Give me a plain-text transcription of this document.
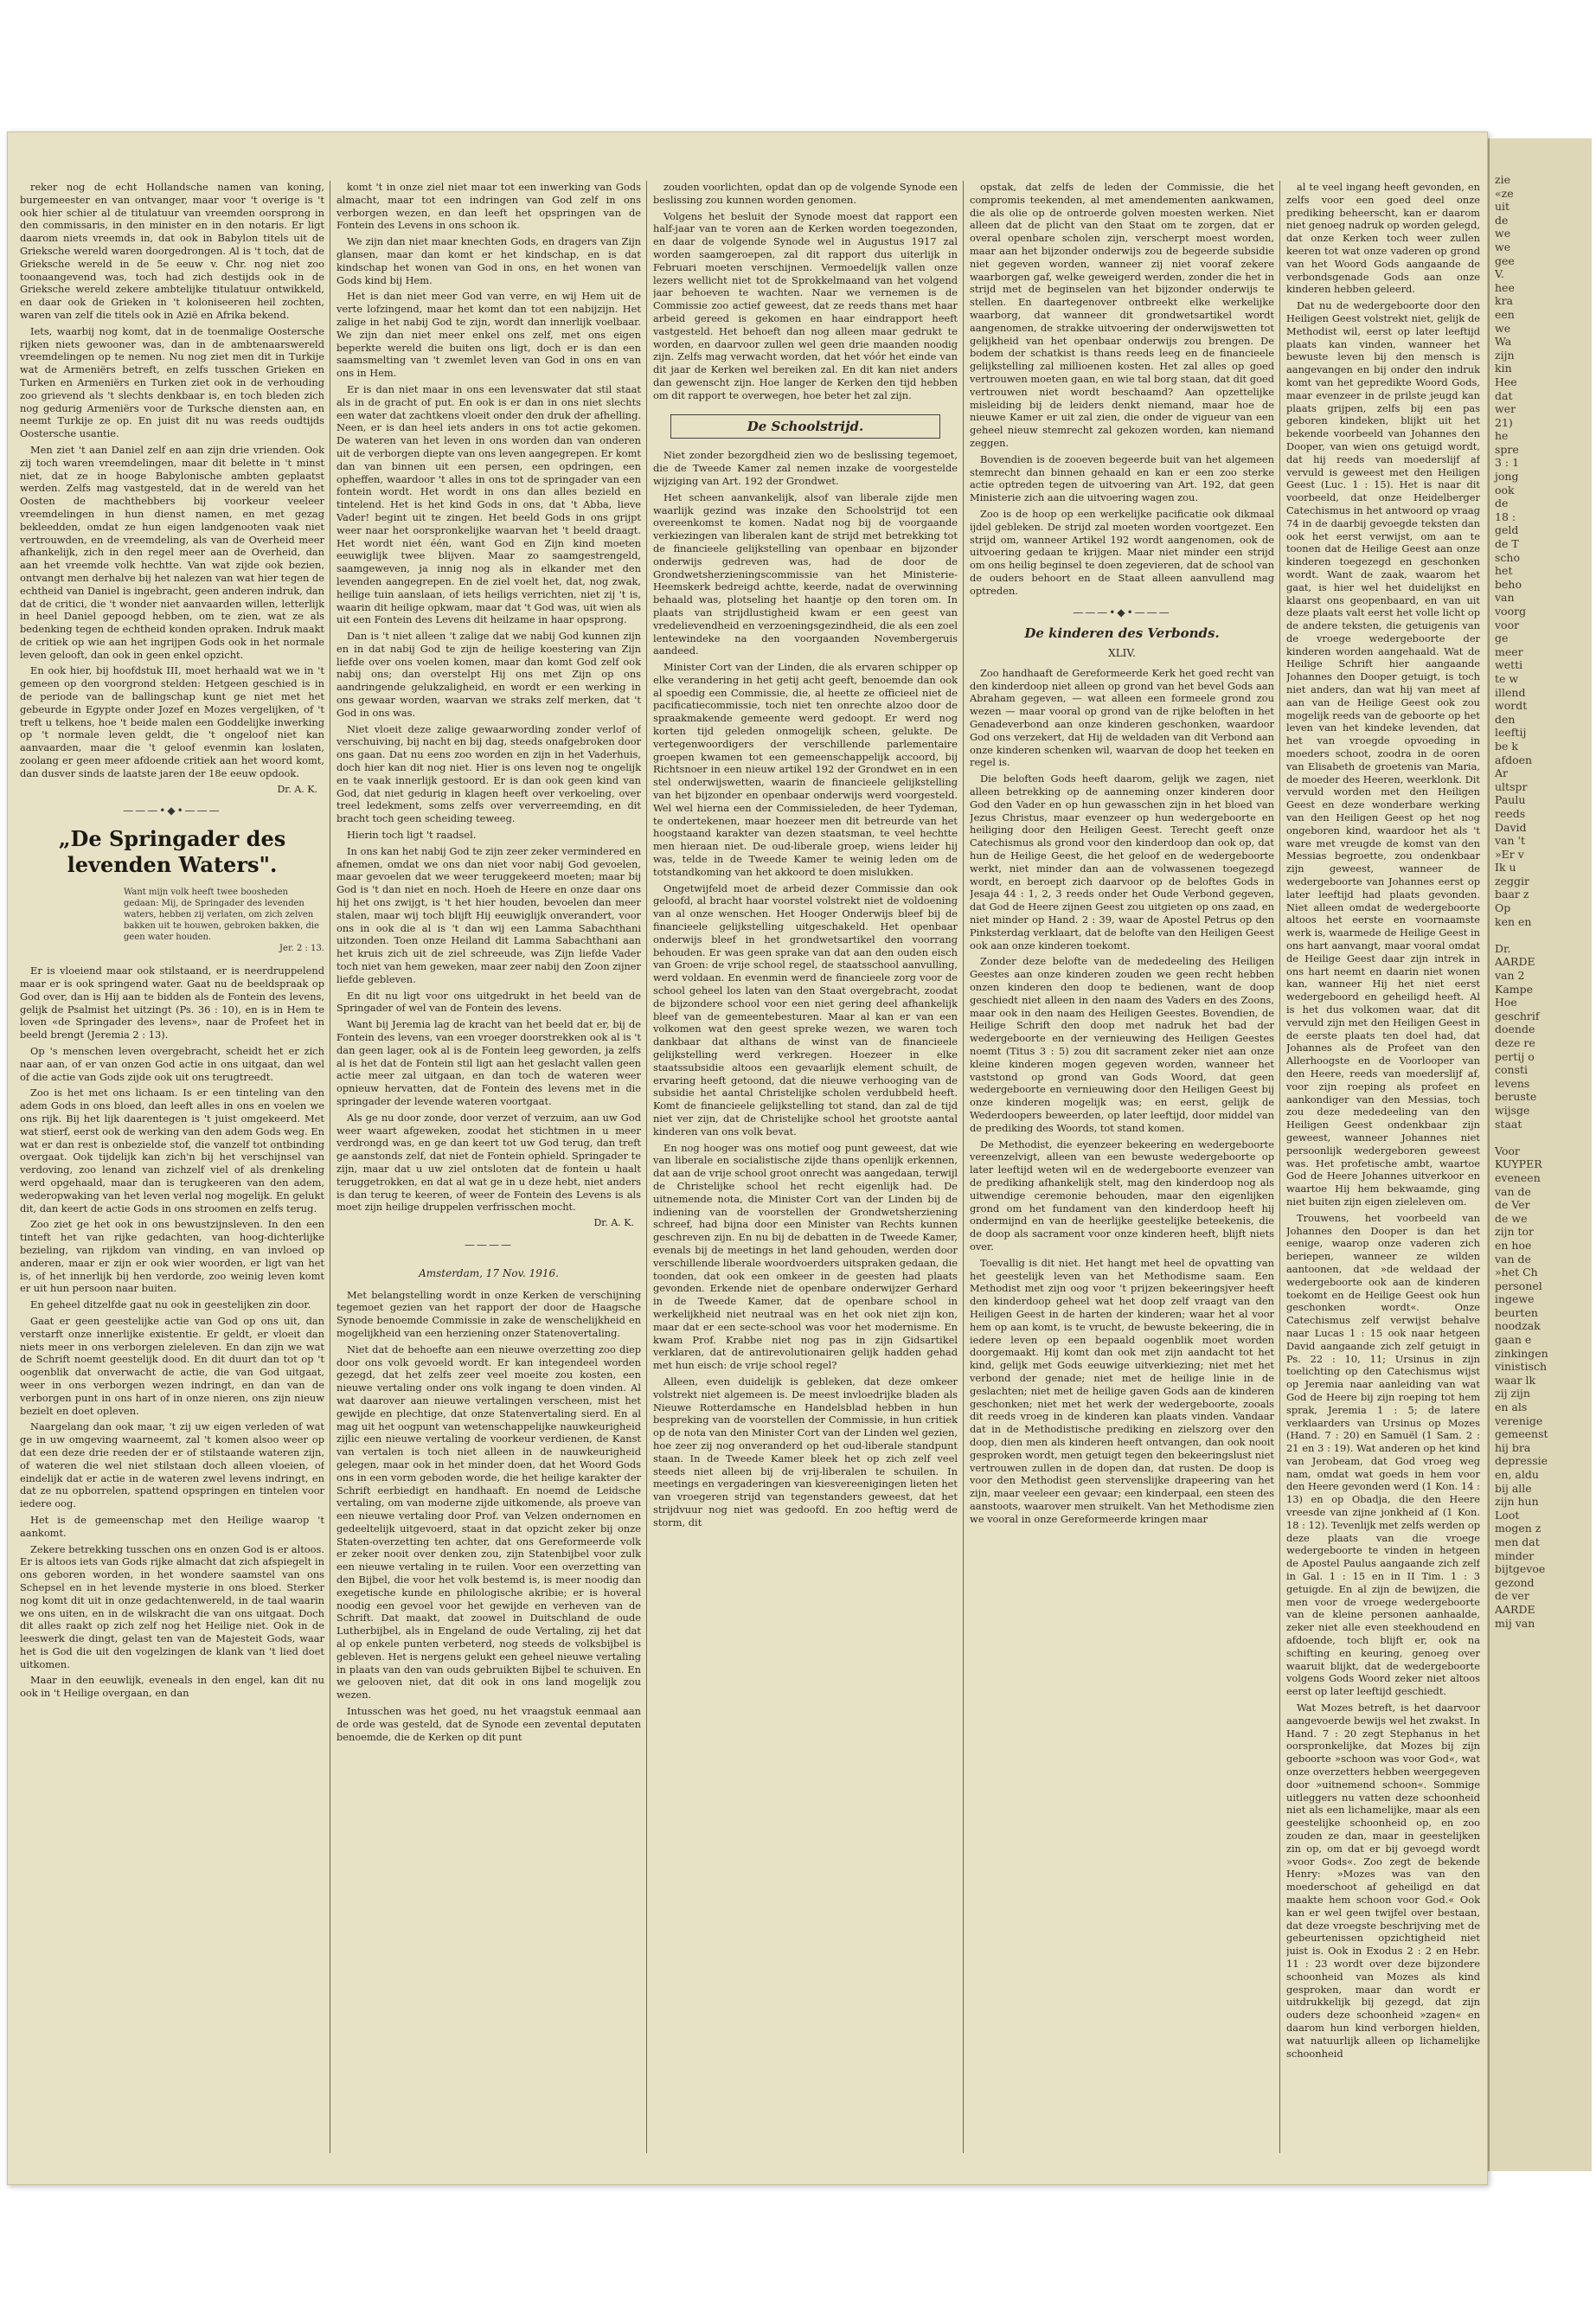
reker nog de echt Hollandsche namen van koning, burgemeester en van ontvanger, maar voor 't overige is 't ook hier schier al de titulatuur van vreemden oorsprong in den commissaris, in den minister en in den notaris. Er ligt daarom niets vreemds in, dat ook in Babylon titels uit de Grieksche wereld waren doorgedrongen. Al is 't toch, dat de Grieksche wereld in de 5e eeuw v. Chr. nog niet zoo toonaangevend was, toch had zich destijds ook in de Grieksche wereld zekere ambtelijke titulatuur ontwikkeld, en daar ook de Grieken in 't koloniseeren heil zochten, waren van zelf die titels ook in Azië en Afrika bekend.

Iets, waarbij nog komt, dat in de toenmalige Oostersche rijken niets gewooner was, dan in de ambtenaarswereld vreemdelingen op te nemen. Nu nog ziet men dit in Turkije wat de Armeniërs betreft, en zelfs tusschen Grieken en Turken en Armeniërs en Turken ziet ook in de verhouding zoo grievend als 't slechts denkbaar is, en toch bleden zich nog gedurig Armeniërs voor de Turksche diensten aan, en neemt Turkije ze op. En juist dit nu was reeds oudtijds Oostersche usantie.

Men ziet 't aan Daniel zelf en aan zijn drie vrienden. Ook zij toch waren vreemdelingen, maar dit belette in 't minst niet, dat ze in hooge Babylonische ambten geplaatst werden. Zelfs mag vastgesteld, dat in de wereld van het Oosten de machthebbers bij voorkeur veeleer vreemdelingen in hun dienst namen, en met gezag bekleedden, omdat ze hun eigen landgenooten vaak niet vertrouwden, en de vreemdeling, als van de Overheid meer afhankelijk, zich in den regel meer aan de Overheid, dan aan het vreemde volk hechtte. Van wat zijde ook bezien, ontvangt men derhalve bij het nalezen van wat hier tegen de echtheid van Daniel is ingebracht, geen anderen indruk, dan dat de critici, die 't wonder niet aanvaarden willen, letterlijk in heel Daniel gepoogd hebben, om te zien, wat ze als bedenking tegen de echtheid konden opraken. Indruk maakt de critiek op wie aan het ingrijpen Gods ook in het normale leven gelooft, dan ook in geen enkel opzicht.

En ook hier, bij hoofdstuk III, moet herhaald wat we in 't gemeen op den voorgrond stelden: Hetgeen geschied is in de periode van de ballingschap kunt ge niet met het gebeurde in Egypte onder Jozef en Mozes vergelijken, of 't treft u telkens, hoe 't beide malen een Goddelijke inwerking op 't normale leven geldt, die 't ongeloof niet kan aanvaarden, maar die 't geloof evenmin kan loslaten, zoolang er geen meer afdoende critiek aan het woord komt, dan dusver sinds de laatste jaren der 18e eeuw opdook.

Dr. A. K.
———•◆•———
„De Springader des levenden Waters".
Want mijn volk heeft twee boosheden gedaan: Mij, de Springader des levenden waters, hebben zij verlaten, om zich zelven bakken uit te houwen, gebroken bakken, die geen water houden.
Jer. 2 : 13.

Er is vloeiend maar ook stilstaand, er is neerdruppelend maar er is ook springend water. Gaat nu de beeldspraak op God over, dan is Hij aan te bidden als de Fontein des levens, gelijk de Psalmist het uitzingt (Ps. 36 : 10), en is in Hem te loven «de Springader des levens», naar de Profeet het in beeld brengt (Jeremia 2 : 13).

Op 's menschen leven overgebracht, scheidt het er zich naar aan, of er van onzen God actie in ons uitgaat, dan wel of die actie van Gods zijde ook uit ons terugtreedt.

Zoo is het met ons lichaam. Is er een tinteling van den adem Gods in ons bloed, dan leeft alles in ons en voelen we ons rijk. Bij het lijk daarentegen is 't juist omgekeerd. Met wat stierf, eerst ook de werking van den adem Gods weg. En wat er dan rest is onbezielde stof, die vanzelf tot ontbinding overgaat. Ook tijdelijk kan zich'n bij het verschijnsel van verdoving, zoo lenand van zichzelf viel of als drenkeling werd opgehaald, maar dan is terugkeeren van den adem, wederopwaking van het leven verlal nog mogelijk. En gelukt dit, dan keert de actie Gods in ons stroomen en zelfs terug.

Zoo ziet ge het ook in ons bewustzijnsleven. In den een tinteft het van rijke gedachten, van hoog-dichterlijke bezieling, van rijkdom van vinding, en van invloed op anderen, maar er zijn er ook wier woorden, er ligt van het is, of het innerlijk bij hen verdorde, zoo weinig leven komt er uit hun persoon naar buiten.

En geheel ditzelfde gaat nu ook in geestelijken zin door.

Gaat er geen geestelijke actie van God op ons uit, dan verstarft onze innerlijke existentie. Er geldt, er vloeit dan niets meer in ons verborgen zieleleven. En dan zijn we wat de Schrift noemt geestelijk dood. En dit duurt dan tot op 't oogenblik dat onverwacht de actie, die van God uitgaat, weer in ons verborgen wezen indringt, en dan van de verborgen punt in ons hart of in onze nieren, ons zijn nieuw bezielt en doet opleven.

Naargelang dan ook maar, 't zij uw eigen verleden of wat ge in uw omgeving waarneemt, zal 't komen alsoo weer op dat een deze drie reeden der er of stilstaande wateren zijn, of wateren die wel niet stilstaan doch alleen vloeien, of eindelijk dat er actie in de wateren zwel levens indringt, en dat ze nu opborrelen, spattend opspringen en tintelen voor iedere oog.

Het is de gemeenschap met den Heilige waarop 't aankomt.

Zekere betrekking tusschen ons en onzen God is er altoos. Er is altoos iets van Gods rijke almacht dat zich afspiegelt in ons geboren worden, in het wondere saamstel van ons Schepsel en in het levende mysterie in ons bloed. Sterker nog komt dit uit in onze gedachtenwereld, in de taal waarin we ons uiten, en in de wilskracht die van ons uitgaat. Doch dit alles raakt op zich zelf nog het Heilige niet. Ook in de leeswerk die dingt, gelast ten van de Majesteit Gods, waar het is God die uit den vogelzingen de klank van 't lied doet uitkomen.

Maar in den eeuwlijk, eveneals in den engel, kan dit nu ook in 't Heilige overgaan, en dan

komt 't in onze ziel niet maar tot een inwerking van Gods almacht, maar tot een indringen van God zelf in ons verborgen wezen, en dan leeft het opspringen van de Fontein des Levens in ons schoon ik.

We zijn dan niet maar knechten Gods, en dragers van Zijn glansen, maar dan komt er het kindschap, en is dat kindschap het wonen van God in ons, en het wonen van Gods kind bij Hem.

Het is dan niet meer God van verre, en wij Hem uit de verte lofzingend, maar het komt dan tot een nabijzijn. Het zalige in het nabij God te zijn, wordt dan innerlijk voelbaar. We zijn dan niet meer enkel ons zelf, met ons eigen beperkte wereld die buiten ons ligt, doch er is dan een saamsmelting van 't zwemlet leven van God in ons en van ons in Hem.

Er is dan niet maar in ons een levenswater dat stil staat als in de gracht of put. En ook is er dan in ons niet slechts een water dat zachtkens vloeit onder den druk der afhelling. Neen, er is dan heel iets anders in ons tot actie gekomen. De wateren van het leven in ons worden dan van onderen uit de verborgen diepte van ons leven aangegrepen. Er komt dan van binnen uit een persen, een opdringen, een opheffen, waardoor 't alles in ons tot de springader van een fontein wordt. Het wordt in ons dan alles bezield en tintelend. Het is het kind Gods in ons, dat 't Abba, lieve Vader! begint uit te zingen. Het beeld Gods in ons grijpt weer naar het oorspronkelijke waarvan het 't beeld draagt. Het wordt niet één, want God en Zijn kind moeten eeuwiglijk twee blijven. Maar zo saamgestrengeld, saamgeweven, ja innig nog als in elkander met den levenden aangegrepen. En de ziel voelt het, dat, nog zwak, heilige tuin aanslaan, of iets heiligs verrichten, niet zij 't is, waarin dit heilige opkwam, maar dat 't God was, uit wien als uit een Fontein des Levens dit heilzame in haar opsprong.

Dan is 't niet alleen 't zalige dat we nabij God kunnen zijn en in dat nabij God te zijn de heilige koestering van Zijn liefde over ons voelen komen, maar dan komt God zelf ook nabij ons; dan overstelpt Hij ons met Zijn op ons aandringende gelukzaligheid, en wordt er een werking in ons gewaar worden, waarvan we straks zelf merken, dat 't God in ons was.

Niet vloeit deze zalige gewaarwording zonder verlof of verschuiving, bij nacht en bij dag, steeds onafgebroken door ons gaan. Dat nu eens zoo worden en zijn in het Vaderhuis, doch hier kan dit nog niet. Hier is ons leven nog te ongelijk en te vaak innerlijk gestoord. Er is dan ook geen kind van God, dat niet gedurig in klagen heeft over verkoeling, over treel ledekment, soms zelfs over ververreemding, en dit bracht toch geen scheiding teweeg.

Hierin toch ligt 't raadsel.

In ons kan het nabij God te zijn zeer zeker vermindered en afnemen, omdat we ons dan niet voor nabij God gevoelen, maar gevoelen dat we weer teruggekeerd moeten; maar bij God is 't dan niet en noch. Hoeh de Heere en onze daar ons hij het ons zwijgt, is 't het hier houden, bevoelen dan meer stalen, maar wij toch blijft Hij eeuwiglijk onverandert, voor ons in ook die al is 't dan wij een Lamma Sabachthani uitzonden. Toen onze Heiland dit Lamma Sabachthani aan het kruis zich uit de ziel schreeude, was Zijn liefde Vader toch niet van hem geweken, maar zeer nabij den Zoon zijner liefde gebleven.

En dit nu ligt voor ons uitgedrukt in het beeld van de Springader of wel van de Fontein des levens.

Want bij Jeremia lag de kracht van het beeld dat er, bij de Fontein des levens, van een vroeger doorstrekken ook al is 't dan geen lager, ook al is de Fontein leeg geworden, ja zelfs al is het dat de Fontein stil ligt aan het geslacht vallen geen actie meer zal uitgaan, en dan toch de wateren weer opnieuw hervatten, dat de Fontein des levens met in die springader der levende wateren voortgaat.

Als ge nu door zonde, door verzet of verzuim, aan uw God weer waart afgeweken, zoodat het stichtmen in u meer verdrongd was, en ge dan keert tot uw God terug, dan treft ge aanstonds zelf, dat niet de Fontein ophield. Springader te zijn, maar dat u uw ziel ontsloten dat de fontein u haalt teruggetrokken, en dat al wat ge in u deze hebt, niet anders is dan terug te keeren, of weer de Fontein des Levens is als moet zijn heilige druppelen verfrisschen mocht.

Dr. A. K.
————
Amsterdam, 17 Nov. 1916.

Met belangstelling wordt in onze Kerken de verschijning tegemoet gezien van het rapport der door de Haagsche Synode benoemde Commissie in zake de wenschelijkheid en mogelijkheid van een herziening onzer Statenovertaling.

Niet dat de behoefte aan een nieuwe overzetting zoo diep door ons volk gevoeld wordt. Er kan integendeel worden gezegd, dat het zelfs zeer veel moeite zou kosten, een nieuwe vertaling onder ons volk ingang te doen vinden. Al wat daarover aan nieuwe vertalingen verscheen, mist het gewijde en plechtige, dat onze Statenvertaling sierd. En al mag uit het oogpunt van wetenschappelijke nauwkeurigheid zijlic een nieuwe vertaling de voorkeur verdienen, de Kanst van vertalen is toch niet alleen in de nauwkeurigheid gelegen, maar ook in het minder doen, dat het Woord Gods ons in een vorm geboden worde, die het heilige karakter der Schrift eerbiedigt en handhaaft. En noemd de Leidsche vertaling, om van moderne zijde uitkomende, als proeve van een nieuwe vertaling door Prof. van Velzen ondernomen en gedeeltelijk uitgevoerd, staat in dat opzicht zeker bij onze Staten-overzetting ten achter, dat ons Gereformeerde volk er zeker nooit over denken zou, zijn Statenbijbel voor zulk een nieuwe vertaling in te ruilen. Voor een overzetting van den Bijbel, die voor het volk bestemd is, is meer noodig dan exegetische kunde en philologische akribie; er is hoveral noodig een gevoel voor het gewijde en verheven van de Schrift. Dat maakt, dat zoowel in Duitschland de oude Lutherbijbel, als in Engeland de oude Vertaling, zij het dat al op enkele punten verbeterd, nog steeds de volksbijbel is gebleven. Het is nergens gelukt een geheel nieuwe vertaling in plaats van den van ouds gebruikten Bijbel te schuiven. En we gelooven niet, dat dit ook in ons land mogelijk zou wezen.

Intusschen was het goed, nu het vraagstuk eenmaal aan de orde was gesteld, dat de Synode een zevental deputaten benoemde, die de Kerken op dit punt

zouden voorlichten, opdat dan op de volgende Synode een beslissing zou kunnen worden genomen.

Volgens het besluit der Synode moest dat rapport een half-jaar van te voren aan de Kerken worden toegezonden, en daar de volgende Synode wel in Augustus 1917 zal worden saamgeroepen, zal dit rapport dus uiterlijk in Februari moeten verschijnen. Vermoedelijk vallen onze lezers wellicht niet tot de Sprokkelmaand van het volgend jaar behoeven te wachten. Naar we vernemen is de Commissie zoo actief geweest, dat ze reeds thans met haar arbeid gereed is gekomen en haar eindrapport heeft vastgesteld. Het behoeft dan nog alleen maar gedrukt te worden, en daarvoor zullen wel geen drie maanden noodig zijn. Zelfs mag verwacht worden, dat het vóór het einde van dit jaar de Kerken wel bereiken zal. En dit kan niet anders dan gewenscht zijn. Hoe langer de Kerken den tijd hebben om dit rapport te overwegen, hoe beter het zal zijn.

De Schoolstrijd.

Niet zonder bezorgdheid zien wo de beslissing tegemoet, die de Tweede Kamer zal nemen inzake de voorgestelde wijziging van Art. 192 der Grondwet.

Het scheen aanvankelijk, alsof van liberale zijde men waarlijk gezind was inzake den Schoolstrijd tot een overeenkomst te komen. Nadat nog bij de voorgaande verkiezingen van liberalen kant de strijd met betrekking tot de financieele gelijkstelling van openbaar en bijzonder onderwijs gedreven was, had de door de Grondwetsherzieningscommissie van het Ministerie-Heemskerk bedreigd achtte, keerde, nadat de overwinning behaald was, plotseling het haantje op den toren om. In plaats van strijdlustigheid kwam er een geest van vredelievendheid en verzoeningsgezindheid, die als een zoel lentewindeke na den voorgaanden Novembergeruis aandeed.

Minister Cort van der Linden, die als ervaren schipper op elke verandering in het getij acht geeft, benoemde dan ook al spoedig een Commissie, die, al heette ze officieel niet de pacificatiecommissie, toch niet ten onrechte alzoo door de spraakmakende gemeente werd gedoopt. Er werd nog korten tijd geleden onmogelijk scheen, gelukte. De vertegenwoordigers der verschillende parlementaire groepen kwamen tot een gemeenschappelijk accoord, bij Richtsnoer in een nieuw artikel 192 der Grondwet en in een stel onderwijswetten, waarin de financieele gelijkstelling van het bijzonder en openbaar onderwijs werd voorgesteld. Wel wel hierna een der Commissieleden, de heer Tydeman, te ondertekenen, maar hoezeer men dit betreurde van het hoogstaand karakter van dezen staatsman, te veel hechtte men hieraan niet. De oud-liberale groep, wiens leider hij was, telde in de Tweede Kamer te weinig leden om de totstandkoming van het akkoord te doen mislukken.

Ongetwijfeld moet de arbeid dezer Commissie dan ook geloofd, al bracht haar voorstel volstrekt niet de voldoening van al onze wenschen. Het Hooger Onderwijs bleef bij de financieele gelijkstelling uitgeschakeld. Het openbaar onderwijs bleef in het grondwetsartikel den voorrang behouden. Er was geen sprake van dat aan den ouden eisch van Groen: de vrije school regel, de staatsschool aanvulling, werd voldaan. En evenmin werd de financieele zorg voor de school geheel los laten van den Staat overgebracht, zoodat de bijzondere school voor een niet gering deel afhankelijk bleef van de gemeentebesturen. Maar al kan er van een volkomen wat den geest spreke wezen, we waren toch dankbaar dat althans de winst van de financieele gelijkstelling werd verkregen. Hoezeer in elke staatssubsidie altoos een gevaarlijk element schuilt, de ervaring heeft getoond, dat die nieuwe verhooging van de subsidie het aantal Christelijke scholen verdubbeld heeft. Komt de financieele gelijkstelling tot stand, dan zal de tijd niet ver zijn, dat de Christelijke school het grootste aantal kinderen van ons volk bevat.

En nog hooger was ons motief oog punt geweest, dat wie van liberale en socialistische zijde thans openlijk erkennen, dat aan de vrije school groot onrecht was aangedaan, terwijl de Christelijke school het recht eigenlijk had. De uitnemende nota, die Minister Cort van der Linden bij de indiening van de voorstellen der Grondwetsherziening schreef, had bijna door een Minister van Rechts kunnen geschreven zijn. En nu bij de debatten in de Tweede Kamer, evenals bij de meetings in het land gehouden, werden door verschillende liberale woordvoerders uitspraken gedaan, die toonden, dat ook een omkeer in de geesten had plaats gevonden. Erkende niet de openbare onderwijzer Gerhard in de Tweede Kamer, dat de openbare school in werkelijkheid niet neutraal was en het ook niet zijn kon, maar dat er een secte-school was voor het modernisme. En kwam Prof. Krabbe niet nog pas in zijn Gidsartikel verklaren, dat de antirevolutionairen gelijk hadden gehad met hun eisch: de vrije school regel?

Alleen, even duidelijk is gebleken, dat deze omkeer volstrekt niet algemeen is. De meest invloedrijke bladen als Nieuwe Rotterdamsche en Handelsblad hebben in hun bespreking van de voorstellen der Commissie, in hun critiek op de nota van den Minister Cort van der Linden wel gezien, hoe zeer zij nog onveranderd op het oud-liberale standpunt staan. In de Tweede Kamer bleek het op zich zelf veel steeds niet alleen bij de vrij-liberalen te schuilen. In meetings en vergaderingen van kiesvereenigingen lieten het van vroegeren strijd van tegenstanders geweest, dat het strijdvuur nog niet was gedoofd. En zoo heftig werd de storm, dit

opstak, dat zelfs de leden der Commissie, die het compromis teekenden, al met amendementen aankwamen, die als olie op de ontroerde golven moesten werken. Niet alleen dat de plicht van den Staat om te zorgen, dat er overal openbare scholen zijn, verscherpt moest worden, maar aan het bijzonder onderwijs zou de begeerde subsidie niet gegeven worden, wanneer zij niet vooraf zekere waarborgen gaf, welke geweigerd werden, zonder die het in strijd met de beginselen van het bijzonder onderwijs te stellen. En daartegenover ontbreekt elke werkelijke waarborg, dat wanneer dit grondwetsartikel wordt aangenomen, de strakke uitvoering der onderwijswetten tot gelijkheid van het openbaar onderwijs zou brengen. De bodem der schatkist is thans reeds leeg en de financieele gelijkstelling zal millioenen kosten. Het zal alles op goed vertrouwen moeten gaan, en wie tal borg staan, dat dit goed vertrouwen niet wordt beschaamd? Aan opzettelijke misleiding bij de leiders denkt niemand, maar hoe de nieuwe Kamer er uit zal zien, die onder de vigueur van een geheel nieuw stemrecht zal gekozen worden, kan niemand zeggen.

Bovendien is de zooeven begeerde buit van het algemeen stemrecht dan binnen gehaald en kan er een zoo sterke actie optreden tegen de uitvoering van Art. 192, dat geen Ministerie zich aan die uitvoering wagen zou.

Zoo is de hoop op een werkelijke pacificatie ook dikmaal ijdel gebleken. De strijd zal moeten worden voortgezet. Een strijd om, wanneer Artikel 192 wordt aangenomen, ook de uitvoering gedaan te krijgen. Maar niet minder een strijd om ons heilig beginsel te doen zegevieren, dat de school van de ouders behoort en de Staat alleen aanvullend mag optreden.

———•◆•———
De kinderen des Verbonds.
XLIV.

Zoo handhaaft de Gereformeerde Kerk het goed recht van den kinderdoop niet alleen op grond van het bevel Gods aan Abraham gegeven, — wat alleen een formeele grond zou wezen — maar vooral op grond van de rijke beloften in het Genadeverbond aan onze kinderen geschonken, waardoor God ons verzekert, dat Hij de weldaden van dit Verbond aan onze kinderen schenken wil, waarvan de doop het teeken en regel is.

Die beloften Gods heeft daarom, gelijk we zagen, niet alleen betrekking op de aanneming onzer kinderen door God den Vader en op hun gewasschen zijn in het bloed van Jezus Christus, maar evenzeer op hun wedergeboorte en heiliging door den Heiligen Geest. Terecht geeft onze Catechismus als grond voor den kinderdoop dan ook op, dat hun de Heilige Geest, die het geloof en de wedergeboorte werkt, niet minder dan aan de volwassenen toegezegd wordt, en beroept zich daarvoor op de beloftes Gods in Jesaja 44 : 1, 2, 3 reeds onder het Oude Verbond gegeven, dat God de Heere zijnen Geest zou uitgieten op ons zaad, en niet minder op Hand. 2 : 39, waar de Apostel Petrus op den Pinksterdag verklaart, dat de belofte van den Heiligen Geest ook aan onze kinderen toekomt.

Zonder deze belofte van de mededeeling des Heiligen Geestes aan onze kinderen zouden we geen recht hebben onzen kinderen den doop te bedienen, want de doop geschiedt niet alleen in den naam des Vaders en des Zoons, maar ook in den naam des Heiligen Geestes. Bovendien, de Heilige Schrift den doop met nadruk het bad der wedergeboorte en der vernieuwing des Heiligen Geestes noemt (Titus 3 : 5) zou dit sacrament zeker niet aan onze kleine kinderen mogen gegeven worden, wanneer het vaststond op grond van Gods Woord, dat geen wedergeboorte en vernieuwing door den Heiligen Geest bij onze kinderen mogelijk was; en eerst, gelijk de Wederdoopers beweerden, op later leeftijd, door middel van de prediking des Woords, tot stand komen.

De Methodist, die eyenzeer bekeering en wedergeboorte vereenzelvigt, alleen van een bewuste wedergeboorte op later leeftijd weten wil en de wedergeboorte evenzeer van de prediking afhankelijk stelt, mag den kinderdoop nog als uitwendige ceremonie behouden, maar den eigenlijken grond om het fundament van den kinderdoop heeft hij ondermijnd en van de heerlijke geestelijke beteekenis, die de doop als sacrament voor onze kinderen heeft, blijft niets over.

Toevallig is dit niet. Het hangt met heel de opvatting van het geestelijk leven van het Methodisme saam. Een Methodist met zijn oog voor 't prijzen bekeeringsjver heeft den kinderdoop geheel wat het doop zelf vraagt van den Heiligen Geest in de harten der kinderen; waar het al voor hem op aan komt, is te vrucht, de bewuste bekeering, die in iedere leven op een bepaald oogenblik moet worden doorgemaakt. Hij komt dan ook met zijn aandacht tot het kind, gelijk met Gods eeuwige uitverkiezing; niet met het verbond der genade; niet met de heilige linie in de geslachten; niet met de heilige gaven Gods aan de kinderen geschonken; niet met het werk der wedergeboorte, zooals dit reeds vroeg in de kinderen kan plaats vinden. Vandaar dat in de Methodistische prediking en zielszorg over den doop, dien men als kinderen heeft ontvangen, dan ook nooit gesproken wordt, men getuigt tegen den bekeeringslust niet vertrouwen zullen in de dopen dan, dat rusten. De doop is voor den Methodist geen stervenslijke drapeering van het zijn, maar veeleer een gevaar; een kinderpaal, een steen des aanstoots, waarover men struikelt. Van het Methodisme zien we vooral in onze Gereformeerde kringen maar

al te veel ingang heeft gevonden, en zelfs voor een goed deel onze prediking beheerscht, kan er daarom niet genoeg nadruk op worden gelegd, dat onze Kerken toch weer zullen keeren tot wat onze vaderen op grond van het Woord Gods aangaande de verbondsgenade Gods aan onze kinderen hebben geleerd.

Dat nu de wedergeboorte door den Heiligen Geest volstrekt niet, gelijk de Methodist wil, eerst op later leeftijd plaats kan vinden, wanneer het bewuste leven bij den mensch is aangevangen en bij onder den indruk komt van het gepredikte Woord Gods, maar evenzeer in de prilste jeugd kan plaats grijpen, zelfs bij een pas geboren kindeken, blijkt uit het bekende voorbeeld van Johannes den Dooper, van wien ons getuigd wordt, dat hij reeds van moederslijf af vervuld is geweest met den Heiligen Geest (Luc. 1 : 15). Het is naar dit voorbeeld, dat onze Heidelberger Catechismus in het antwoord op vraag 74 in de daarbij gevoegde teksten dan ook het eerst verwijst, om aan te toonen dat de Heilige Geest aan onze kinderen toegezegd en geschonken wordt. Want de zaak, waarom het gaat, is hier wel het duidelijkst en klaarst ons geopenbaard, en van uit deze plaats valt eerst het volle licht op de andere teksten, die getuigenis van de vroege wedergeboorte der kinderen worden aangehaald. Wat de Heilige Schrift hier aangaande Johannes den Dooper getuigt, is toch niet anders, dan wat hij van meet af aan van de Heilige Geest ook zou mogelijk reeds van de geboorte op het leven van het kindeke levenden, dat het van vroegde opvoeding in moeders schoot, zoodra in de ooren van Elisabeth de groetenis van Maria, de moeder des Heeren, weerklonk. Dit vervuld worden met den Heiligen Geest en deze wonderbare werking van den Heiligen Geest op het nog ongeboren kind, waardoor het als 't ware met vreugde de komst van den Messias begroette, zou ondenkbaar zijn geweest, wanneer de wedergeboorte van Johannes eerst op later leeftijd had plaats gevonden. Niet alleen omdat de wedergeboorte altoos het eerste en voornaamste werk is, waarmede de Heilige Geest in ons hart aanvangt, maar vooral omdat de Heilige Geest daar zijn intrek in ons hart neemt en daarin niet wonen kan, wanneer Hij het niet eerst wedergeboord en geheiligd heeft. Al is het dus volkomen waar, dat dit vervuld zijn met den Heiligen Geest in de eerste plaats ten doel had, dat Johannes als de Profeet van den Allerhoogste en de Voorlooper van den Heere, reeds van moederslijf af, voor zijn roeping als profeet en aankondiger van den Messias, toch zou deze mededeeling van den Heiligen Geest ondenkbaar zijn geweest, wanneer Johannes niet persoonlijk wedergeboren geweest was. Het profetische ambt, waartoe God de Heere Johannes uitverkoor en waartoe Hij hem bekwaamde, ging niet buiten zijn eigen zieleleven om.

Trouwens, het voorbeeld van Johannes den Dooper is dan het eenige, waarop onze vaderen zich beriepen, wanneer ze wilden aantoonen, dat »de weldaad der wedergeboorte ook aan de kinderen toekomt en de Heilige Geest ook hun geschonken wordt«. Onze Catechismus zelf verwijst behalve naar Lucas 1 : 15 ook naar hetgeen David aangaande zich zelf getuigt in Ps. 22 : 10, 11; Ursinus in zijn toelichting op den Catechismus wijst op Jeremia naar aanleiding van wat God de Heere bij zijn roeping tot hem sprak, Jeremia 1 : 5; de latere verklaarders van Ursinus op Mozes (Hand. 7 : 20) en Samuël (1 Sam. 2 : 21 en 3 : 19). Wat anderen op het kind van Jerobeam, dat God vroeg weg nam, omdat wat goeds in hem voor den Heere gevonden werd (1 Kon. 14 : 13) en op Obadja, die den Heere vreesde van zijne jonkheid af (1 Kon. 18 : 12). Tevenlijk met zelfs werden op deze plaats van die vroege wedergeboorte te vinden in hetgeen de Apostel Paulus aangaande zich zelf in Gal. 1 : 15 en in II Tim. 1 : 3 getuigde. En al zijn de bewijzen, die men voor de vroege wedergeboorte van de kleine personen aanhaalde, zeker niet alle even steekhoudend en afdoende, toch blijft er, ook na schifting en keuring, genoeg over waaruit blijkt, dat de wedergeboorte volgens Gods Woord zeker niet altoos eerst op later leeftijd geschiedt.

Wat Mozes betreft, is het daarvoor aangevoerde bewijs wel het zwakst. In Hand. 7 : 20 zegt Stephanus in het oorspronkelijke, dat Mozes bij zijn geboorte »schoon was voor God«, wat onze overzetters hebben weergegeven door »uitnemend schoon«. Sommige uitleggers nu vatten deze schoonheid niet als een lichamelijke, maar als een geestelijke schoonheid op, en zoo zouden ze dan, maar in geestelijken zin op, om dat er bij gevoegd wordt »voor Gods«. Zoo zegt de bekende Henry: »Mozes was van den moederschoot af geheiligd en dat maakte hem schoon voor God.« Ook kan er wel geen twijfel over bestaan, dat deze vroegste beschrijving met de gebeurtenissen opzichtigheid niet juist is. Ook in Exodus 2 : 2 en Hebr. 11 : 23 wordt over deze bijzondere schoonheid van Mozes als kind gesproken, maar dan wordt er uitdrukkelijk bij gezegd, dat zijn ouders deze schoonheid »zagen« en daarom hun kind verborgen hielden, wat natuurlijk alleen op lichamelijke schoonheid

zie
«ze
uit
de
we
we
gee
V.
hee
kra
een
we
Wa
zijn
kin
Hee
dat
wer
21)
he
spre
3 : 1
jong
ook
de
18 :
geld
de T
scho
het
beho
van
voorg
voor
ge
meer
wetti
te w
illend
wordt
den
leeftij
be k
afdoen
Ar
ultspr
Paulu
reeds
David
van 't
»Er v
Ik u
zeggir
baar z
Op
ken en

Dr.
AARDE
van 2
Kampe
Hoe
geschrif
doende
deze re
pertij o
consti
levens
beruste
wijsge
staat

Voor
KUYPER
eveneen
van de
de Ver
de we
zijn tor
en hoe
van de
»het Ch
personel
ingewe
beurten
noodzak
gaan e
zinkingen
vinistisch
waar lk
zij zijn
en als
verenige
gemeenst
hij bra
depressie
en, aldu
bij alle
zijn hun
Loot
mogen z
men dat
minder
bijtgevoe
gezond
de ver
AARDE
mij van
